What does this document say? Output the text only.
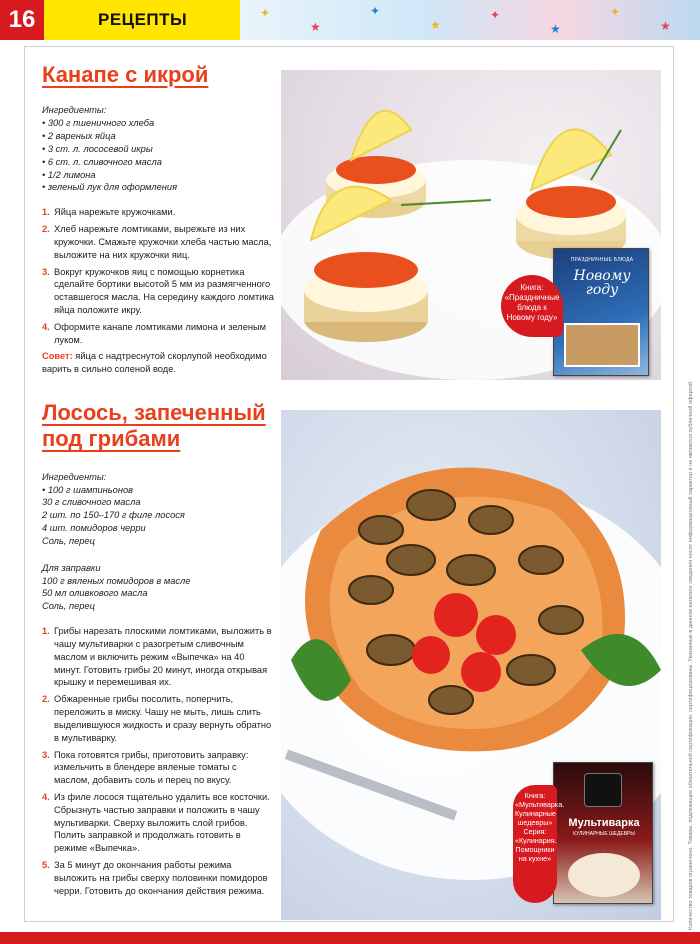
16	РЕЦЕПТЫ	✦
★
✦
★
✦
★
✦
★
Количество товаров ограничено. Товары, подлежащие обязательной сертификации, сертифицированы. Указанные в данном каталоге сведения носят информационный характер и не являются публичной офертой.
Канапе с икрой
Ингредиенты:
• 300 г пшеничного хлеба
• 2 вареных яйца
• 3 ст. л. лососевой икры
• 6 ст. л. сливочного масла
• 1/2 лимона
• зеленый лук для оформления
1. Яйца нарежьте кружочками.
2. Хлеб нарежьте ломтиками, вырежьте из них кружочки. Смажьте кружочки хлеба частью масла, выложите на них кружочки яиц.
3. Вокруг кружочков яиц с помощью корнетика сделайте бортики высотой 5 мм из размягченного оставшегося масла. На середину каждого ломтика яйца положите икру.
4. Оформите канапе ломтиками лимона и зеленым луком.
Совет: яйца с надтреснутой скорлупой необходимо варить в сильно соленой воде.
ПРАЗДНИЧНЫЕ БЛЮДА
Новому году
Книга: «Праздничные блюда к Новому году»
Лосось, запеченный
под грибами
Ингредиенты:
• 100 г шампиньонов
30 г сливочного масла
2 шт. по 150–170 г филе лосося
4 шт. помидоров черри
Соль, перец
Для заправки
100 г вяленых помидоров в масле
50 мл оливкового масла
Соль, перец
1. Грибы нарезать плоскими ломтиками, выложить в чашу мультиварки с разогретым сливочным маслом и включить режим «Выпечка» на 40 минут. Готовить грибы 20 минут, иногда открывая крышку и перемешивая их.
2. Обжаренные грибы посолить, поперчить, переложить в миску. Чашу не мыть, лишь слить выделившуюся жидкость и сразу вернуть обратно в мультиварку.
3. Пока готовятся грибы, приготовить заправку: измельчить в блендере вяленые томаты с маслом, добавить соль и перец по вкусу.
4. Из филе лосося тщательно удалить все косточки. Сбрызнуть частью заправки и положить в чашу мультиварки. Сверху выложить слой грибов. Полить заправкой и продолжать готовить в режиме «Выпечка».
5. За 5 минут до окончания работы режима выложить на грибы сверху половинки помидоров черри. Готовить до окончания действия режима.
Мультиварка
КУЛИНАРНЫЕ ШЕДЕВРЫ
Книга: «Мультиварка. Кулинарные шедевры» Серия: «Кулинария. Помощники на кухне»
